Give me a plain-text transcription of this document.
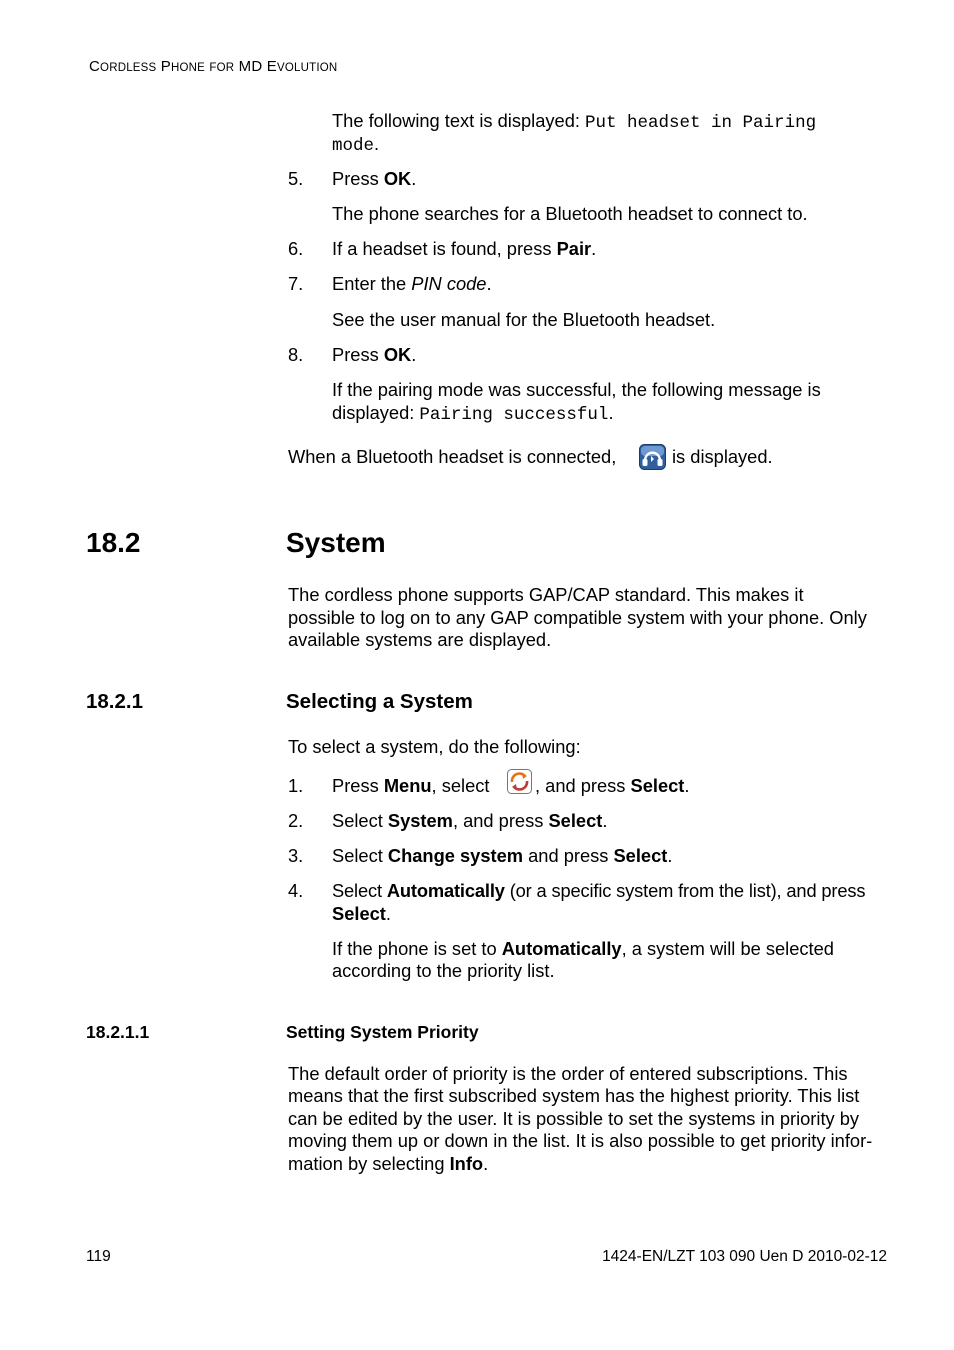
CORDLESS PHONE FOR MD EVOLUTION
The following text is displayed: Put headset in Pairing
mode.
5. Press OK.
The phone searches for a Bluetooth headset to connect to.
6. If a headset is found, press Pair.
7. Enter the PIN code.
See the user manual for the Bluetooth headset.
8. Press OK.
If the pairing mode was successful, the following message is
displayed: Pairing successful.
When a Bluetooth headset is connected,	is displayed.
18.2	System
The cordless phone supports GAP/CAP standard. This makes it
possible to log on to any GAP compatible system with your phone. Only
available systems are displayed.
18.2.1	Selecting a System
To select a system, do the following:
1. Press Menu, select , and press Select.
2. Select System, and press Select.
3. Select Change system and press Select.
4. Select Automatically (or a specific system from the list), and press
Select.
If the phone is set to Automatically, a system will be selected
according to the priority list.
18.2.1.1	Setting System Priority
The default order of priority is the order of entered subscriptions. This
means that the first subscribed system has the highest priority. This list
can be edited by the user. It is possible to set the systems in priority by
moving them up or down in the list. It is also possible to get priority infor-
mation by selecting Info.
119	1424-EN/LZT 103 090 Uen D 2010-02-12
